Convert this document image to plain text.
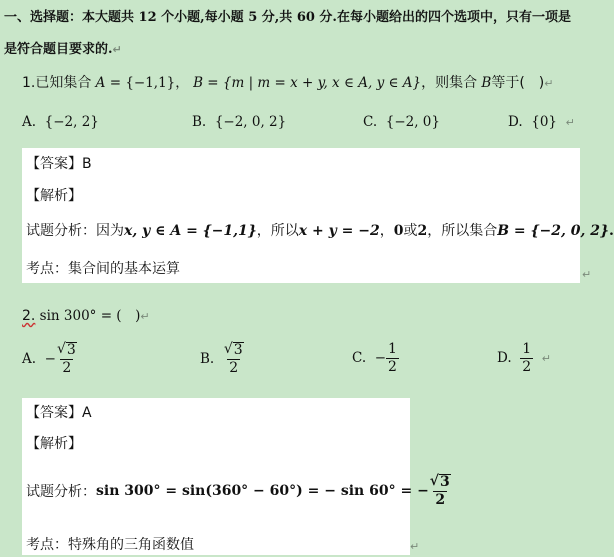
一、选择题：本大题共 12 个小题,每小题 5 分,共 60 分.在每小题给出的四个选项中，只有一项是
是符合题目要求的.↵
1.已知集合 A = {−1,1}， B = {m | m = x + y, x ∈ A, y ∈ A}，则集合 B等于(　)↵
A. {−2, 2}	B. {−2, 0, 2}	C. {−2, 0}	D. {0} ↵
【答案】B
【解析】
试题分析：因为x, y ∈ A = {−1,1}，所以x + y = −2，0或2，所以集合B = {−2, 0, 2}.
考点：集合间的基本运算	↵
2. sin 300° = (　)↵
A.
− $\frac{√ 3}{2}$	B.
$\frac{√ 3}{2}$	C.
− $\frac{1}{2}$	D.
$\frac{1}{2}$
↵
【答案】A
【解析】
试题分析： sin 300° = sin(360° − 60°) = − sin 60° = − $\frac{√ 3}{2}$
考点：特殊角的三角函数值	↵
